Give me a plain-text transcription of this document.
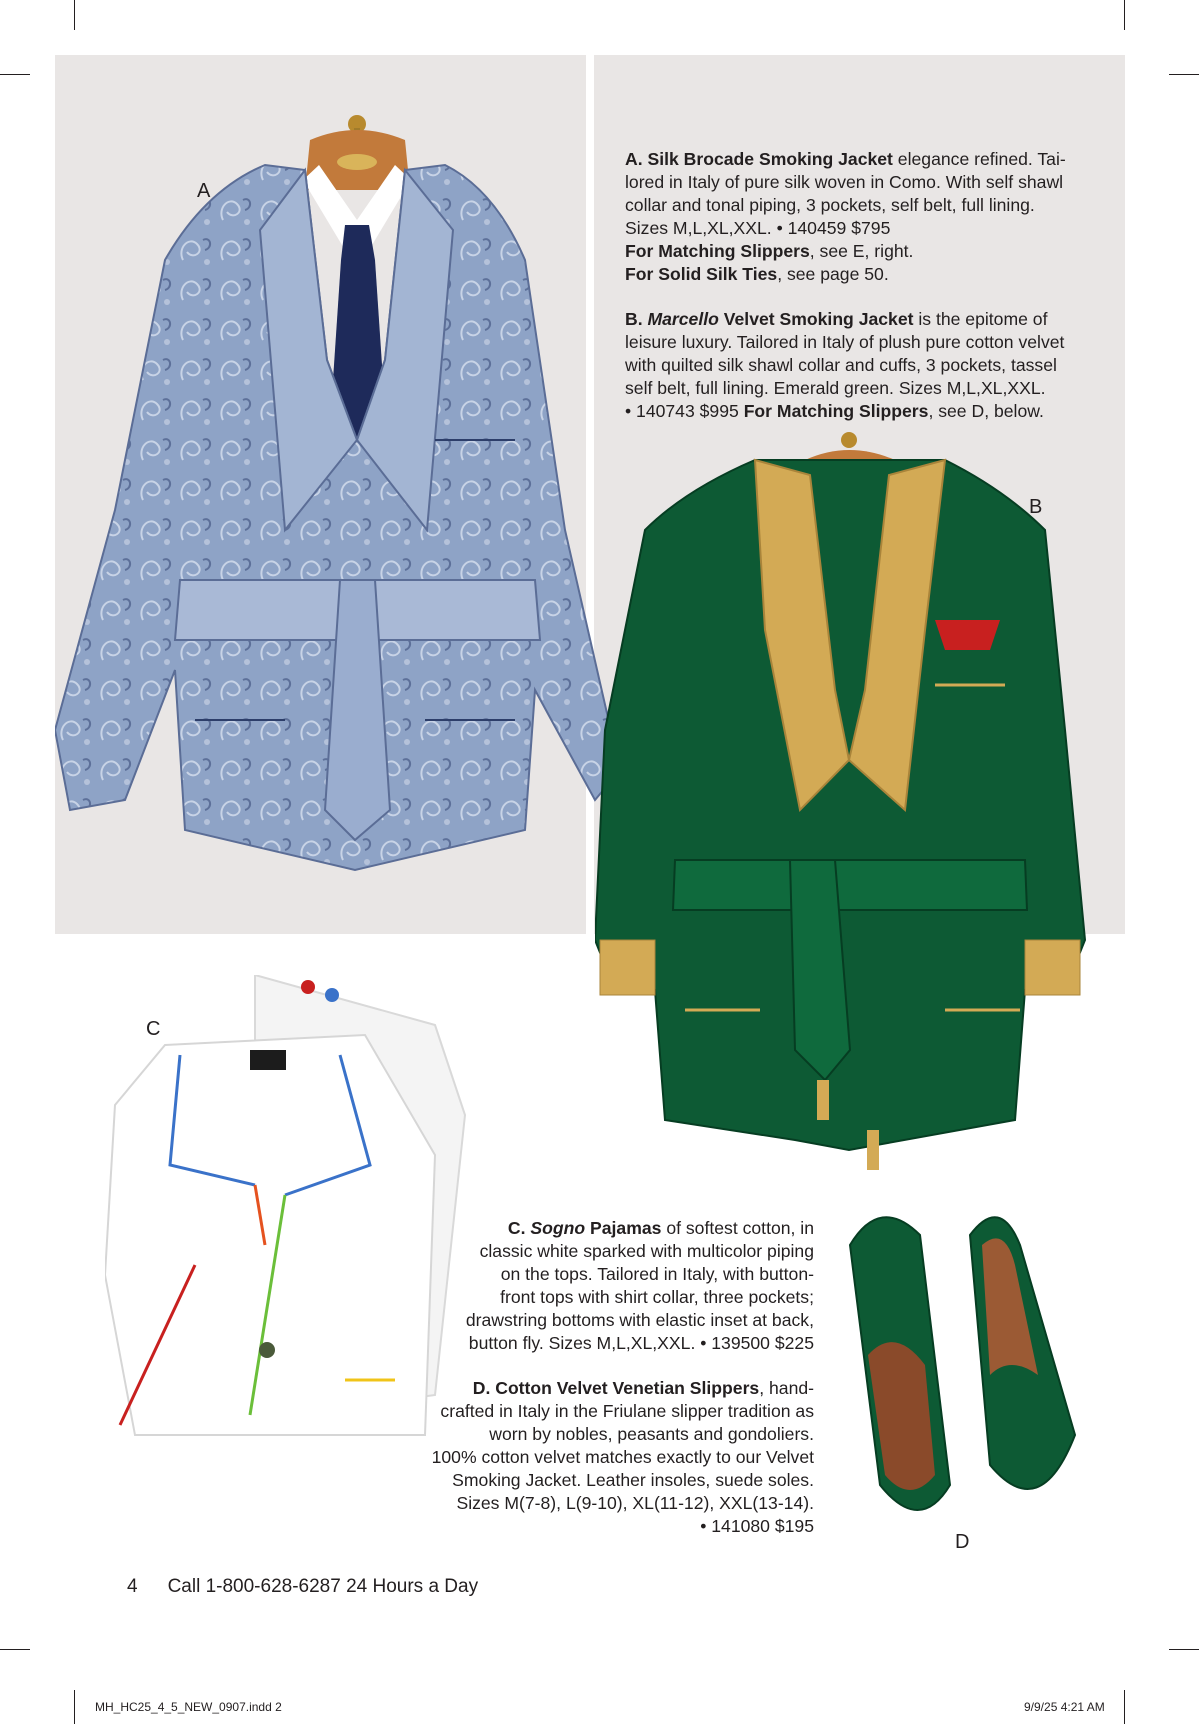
A
B
C
D

A. Silk Brocade Smoking Jacket elegance refined. Tai-

lored in Italy of pure silk woven in Como. With self shawl

collar and tonal piping, 3 pockets, self belt, full lining.

Sizes M,L,XL,XXL. • 140459 $795

For Matching Slippers, see E, right.

For Solid Silk Ties, see page 50.

B. Marcello Velvet Smoking Jacket is the epitome of

leisure luxury. Tailored in Italy of plush pure cotton velvet

with quilted silk shawl collar and cuffs, 3 pockets, tassel

self belt, full lining. Emerald green. Sizes M,L,XL,XXL.

• 140743 $995 For Matching Slippers, see D, below.

C. Sogno Pajamas of softest cotton, in

classic white sparked with multicolor piping

on the tops. Tailored in Italy, with button-

front tops with shirt collar, three pockets;

drawstring bottoms with elastic inset at back,

button fly. Sizes M,L,XL,XXL. • 139500 $225

D. Cotton Velvet Venetian Slippers, hand-

crafted in Italy in the Friulane slipper tradition as

worn by nobles, peasants and gondoliers.

100% cotton velvet matches exactly to our Velvet

Smoking Jacket. Leather insoles, suede soles.

Sizes M(7-8), L(9-10), XL(11-12), XXL(13-14).

• 141080 $195

4 Call 1-800-628-6287 24 Hours a Day
MH_HC25_4_5_NEW_0907.indd 2	9/9/25 4:21 AM
